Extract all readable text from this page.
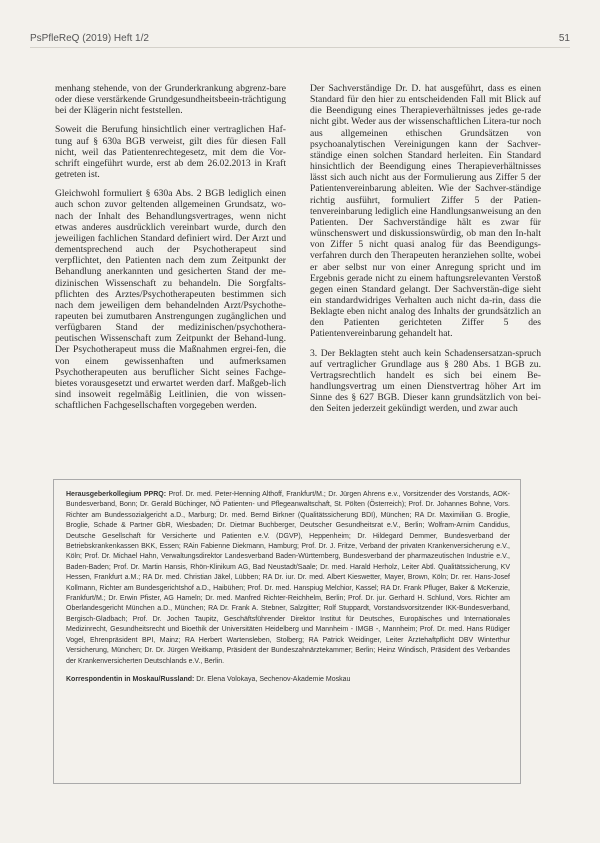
PsPfleReQ (2019) Heft 1/2	51

menhang stehende, von der Grunderkrankung abgrenz-bare oder diese verstärkende Grundgesundheitsbeein-trächtigung bei der Klägerin nicht feststellen.

Soweit die Berufung hinsichtlich einer vertraglichen Haf-tung auf § 630a BGB verweist, gilt dies für diesen Fall nicht, weil das Patientenrechtegesetz, mit dem die Vor-schrift eingeführt wurde, erst ab dem 26.02.2013 in Kraft getreten ist.

Gleichwohl formuliert § 630a Abs. 2 BGB lediglich einen auch schon zuvor geltenden allgemeinen Grundsatz, wo-nach der Inhalt des Behandlungsvertrages, wenn nicht etwas anderes ausdrücklich vereinbart wurde, durch den jeweiligen fachlichen Standard definiert wird. Der Arzt und dementsprechend auch der Psychotherapeut sind verpflichtet, den Patienten nach dem zum Zeitpunkt der Behandlung anerkannten und gesicherten Stand der me-dizinischen Wissenschaft zu behandeln. Die Sorgfalts-pflichten des Arztes/Psychotherapeuten bestimmen sich nach dem jeweiligen dem behandelnden Arzt/Psychothe-rapeuten bei zumutbaren Anstrengungen zugänglichen und verfügbaren Stand der medizinischen/psychothera-peutischen Wissenschaft zum Zeitpunkt der Behand-lung. Der Psychotherapeut muss die Maßnahmen ergrei-fen, die von einem gewissenhaften und aufmerksamen Psychotherapeuten aus beruflicher Sicht seines Fachge-bietes vorausgesetzt und erwartet werden darf. Maßgeb-lich sind insoweit regelmäßig Leitlinien, die von wissen-schaftlichen Fachgesellschaften vorgegeben werden.

Der Sachverständige Dr. D. hat ausgeführt, dass es einen Standard für den hier zu entscheidenden Fall mit Blick auf die Beendigung eines Therapieverhältnisses jedes ge-rade nicht gibt. Weder aus der wissenschaftlichen Litera-tur noch aus allgemeinen ethischen Grundsätzen von psychoanalytischen Vereinigungen kann der Sachver-ständige einen solchen Standard herleiten. Ein Standard hinsichtlich der Beendigung eines Therapieverhältnisses lässt sich auch nicht aus der Formulierung aus Ziffer 5 der Patientenvereinbarung ableiten. Wie der Sachver-ständige richtig ausführt, formuliert Ziffer 5 der Patien-tenvereinbarung lediglich eine Handlungsanweisung an den Patienten. Der Sachverständige hält es zwar für wünschenswert und diskussionswürdig, ob man den In-halt von Ziffer 5 nicht quasi analog für das Beendigungs-verfahren durch den Therapeuten heranziehen sollte, wobei er aber selbst nur von einer Anregung spricht und im Ergebnis gerade nicht zu einem haftungsrelevanten Verstoß gegen einen Standard gelangt. Der Sachverstän-dige sieht ein standardwidriges Verhalten auch nicht da-rin, dass die Beklagte eben nicht analog des Inhalts der grundsätzlich an den Patienten gerichteten Ziffer 5 des Patientenvereinbarung gehandelt hat.

3. Der Beklagten steht auch kein Schadensersatzan-spruch auf vertraglicher Grundlage aus § 280 Abs. 1 BGB zu. Vertragsrechtlich handelt es sich bei einem Be-handlungsvertrag um einen Dienstvertrag höher Art im Sinne des § 627 BGB. Dieser kann grundsätzlich von bei-den Seiten jederzeit gekündigt werden, und zwar auch

Herausgeberkollegium PPRQ: Prof. Dr. med. Peter-Henning Althoff, Frankfurt/M.; Dr. Jürgen Ahrens e.v., Vorsitzender des Vorstands, AOK-Bundesverband, Bonn; Dr. Gerald Büchinger, NÖ Patienten- und Pflegeanwaltschaft, St. Pölten (Österreich); Prof. Dr. Johannes Bohne, Vors. Richter am Bundessozialgericht a.D., Marburg; Dr. med. Bernd Birkner (Qualitätssicherung BDI), München; RA Dr. Maximilian G. Broglie, Broglie, Schade & Partner GbR, Wiesbaden; Dr. Dietmar Buchberger, Deutscher Gesundheitsrat e.V., Berlin; Wolfram-Arnim Candidus, Deutsche Gesellschaft für Versicherte und Patienten e.V. (DGVP), Heppenheim; Dr. Hildegard Demmer, Bundesverband der Betriebskrankenkassen BKK, Essen; RAin Fabienne Diekmann, Hamburg; Prof. Dr. J. Fritze, Verband der privaten Krankenversicherung e.V., Köln; Prof. Dr. Michael Hahn, Verwaltungsdirektor Landesverband Baden-Württemberg, Bundesverband der pharmazeutischen Industrie e.V., Baden-Baden; Prof. Dr. Martin Hansis, Rhön-Klinikum AG, Bad Neustadt/Saale; Dr. med. Harald Herholz, Leiter Abtl. Qualitätssicherung, KV Hessen, Frankfurt a.M.; RA Dr. med. Christian Jäkel, Lübben; RA Dr. iur. Dr. med. Albert Kieswetter, Mayer, Brown, Köln; Dr. rer. Hans-Josef Kollmann, Richter am Bundesgerichtshof a.D., Haibühen; Prof. Dr. med. Hanspiug Melchior, Kassel; RA Dr. Frank Pfluger, Baker & McKenzie, Frankfurt/M.; Dr. Erwin Pfister, AG Hameln; Dr. med. Manfred Richter-Reichhelm, Berlin; Prof. Dr. jur. Gerhard H. Schlund, Vors. Richter am Oberlandesgericht München a.D., München; RA Dr. Frank A. Stebner, Salzgitter; Rolf Stuppardt, Vorstandsvorsitzender IKK-Bundesverband, Bergisch-Gladbach; Prof. Dr. Jochen Taupitz, Geschäftsführender Direktor Institut für Deutsches, Europäisches und Internationales Medizinrecht, Gesundheitsrecht und Bioethik der Universitäten Heidelberg und Mannheim - IMGB -, Mannheim; Prof. Dr. med. Hans Rüdiger Vogel, Ehrenpräsident BPI, Mainz; RA Herbert Wartensleben, Stolberg; RA Patrick Weidinger, Leiter Ärztehaftpflicht DBV Winterthur Versicherung, München; Dr. Dr. Jürgen Weitkamp, Präsident der Bundeszahnärztekammer; Berlin; Heinz Windisch, Präsident des Verbandes der Krankenversicherten Deutschlands e.V., Berlin.

Korrespondentin in Moskau/Russland: Dr. Elena Volokaya, Sechenov-Akademie Moskau
